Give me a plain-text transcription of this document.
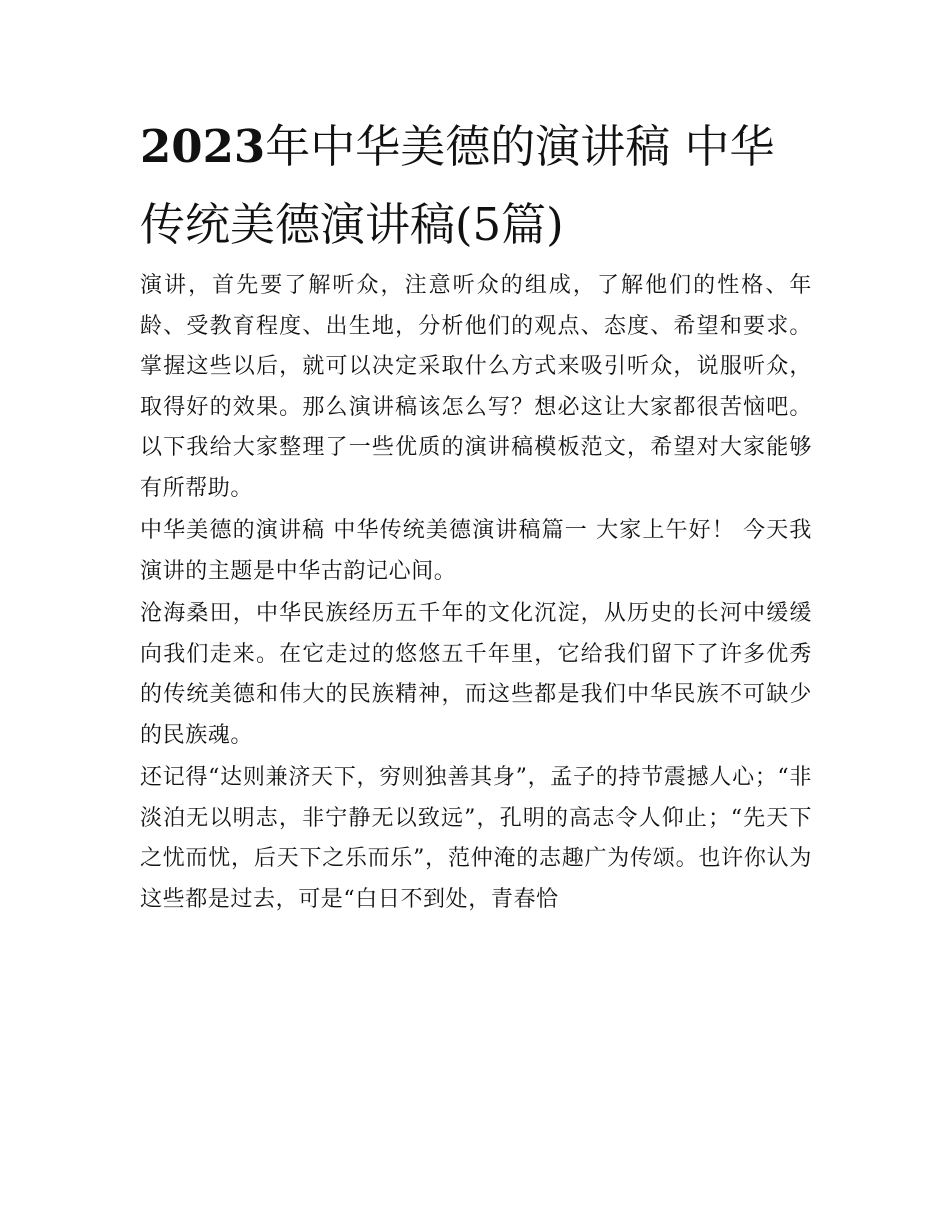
2023年中华美德的演讲稿 中华传统美德演讲稿(5篇)

演讲，首先要了解听众，注意听众的组成，了解他们的性格、年龄、受教育程度、出生地，分析他们的观点、态度、希望和要求。掌握这些以后，就可以决定采取什么方式来吸引听众，说服听众，取得好的效果。那么演讲稿该怎么写？想必这让大家都很苦恼吧。以下我给大家整理了一些优质的演讲稿模板范文，希望对大家能够有所帮助。

中华美德的演讲稿 中华传统美德演讲稿篇一 大家上午好！ 今天我演讲的主题是中华古韵记心间。

沧海桑田，中华民族经历五千年的文化沉淀，从历史的长河中缓缓向我们走来。在它走过的悠悠五千年里，它给我们留下了许多优秀的传统美德和伟大的民族精神，而这些都是我们中华民族不可缺少的民族魂。

还记得“达则兼济天下，穷则独善其身”，孟子的持节震撼人心；“非淡泊无以明志，非宁静无以致远”，孔明的高志令人仰止；“先天下之忧而忧，后天下之乐而乐”，范仲淹的志趣广为传颂。也许你认为这些都是过去，可是“白日不到处，青春恰
